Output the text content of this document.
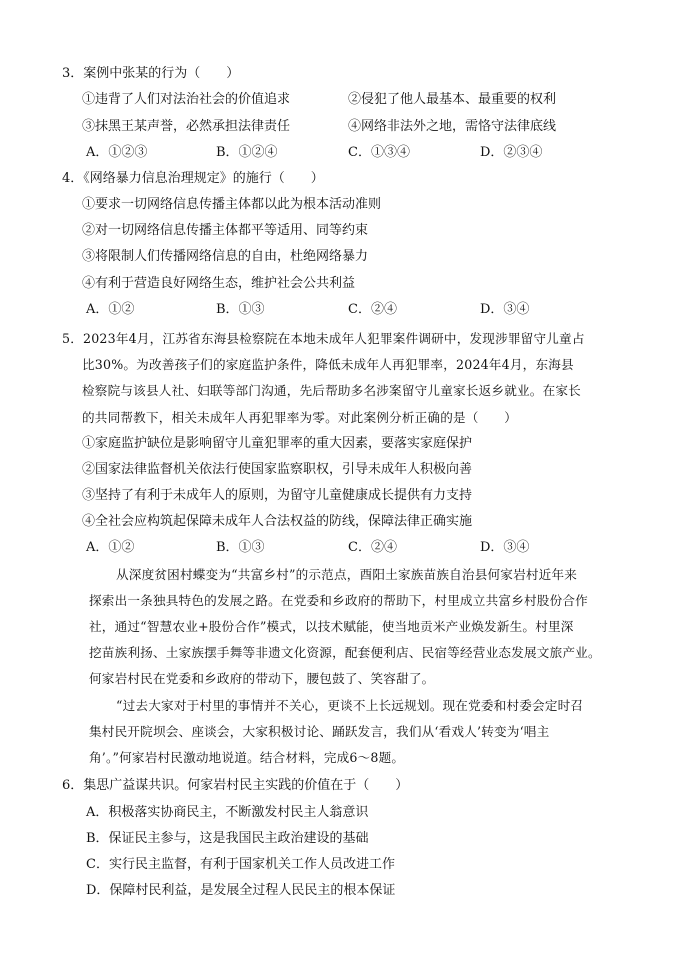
3．案例中张某的行为（　　）
①违背了人们对法治社会的价值追求	②侵犯了他人最基本、最重要的权利
③抹黑王某声誉，必然承担法律责任	④网络非法外之地，需恪守法律底线
A．①②③	B．①②④	C．①③④	D．②③④
4．《网络暴力信息治理规定》的施行（　　）
①要求一切网络信息传播主体都以此为根本活动准则
②对一切网络信息传播主体都平等适用、同等约束
③将限制人们传播网络信息的自由，杜绝网络暴力
④有利于营造良好网络生态，维护社会公共利益
A．①②	B．①③	C．②④	D．③④
5．2023年4月，江苏省东海县检察院在本地未成年人犯罪案件调研中，发现涉罪留守儿童占
比30%。为改善孩子们的家庭监护条件，降低未成年人再犯罪率，2024年4月，东海县
检察院与该县人社、妇联等部门沟通，先后帮助多名涉案留守儿童家长返乡就业。在家长
的共同帮教下，相关未成年人再犯罪率为零。对此案例分析正确的是（　　）
①家庭监护缺位是影响留守儿童犯罪率的重大因素，要落实家庭保护
②国家法律监督机关依法行使国家监察职权，引导未成年人积极向善
③坚持了有利于未成年人的原则，为留守儿童健康成长提供有力支持
④全社会应构筑起保障未成年人合法权益的防线，保障法律正确实施
A．①②	B．①③	C．②④	D．③④
从深度贫困村蝶变为“共富乡村”的示范点，酉阳土家族苗族自治县何家岩村近年来
探索出一条独具特色的发展之路。在党委和乡政府的帮助下，村里成立共富乡村股份合作
社，通过“智慧农业+股份合作”模式，以技术赋能，使当地贡米产业焕发新生。村里深
挖苗族利扬、土家族摆手舞等非遗文化资源，配套便利店、民宿等经营业态发展文旅产业。
何家岩村民在党委和乡政府的带动下，腰包鼓了、笑容甜了。
“过去大家对于村里的事情并不关心，更谈不上长远规划。现在党委和村委会定时召
集村民开院坝会、座谈会，大家积极讨论、踊跃发言，我们从‘看戏人’转变为‘唱主
角’。”何家岩村民激动地说道。结合材料，完成6～8题。
6．集思广益谋共识。何家岩村民主实践的价值在于（　　）
A．积极落实协商民主，不断激发村民主人翁意识
B．保证民主参与，这是我国民主政治建设的基础
C．实行民主监督，有利于国家机关工作人员改进工作
D．保障村民利益，是发展全过程人民民主的根本保证
